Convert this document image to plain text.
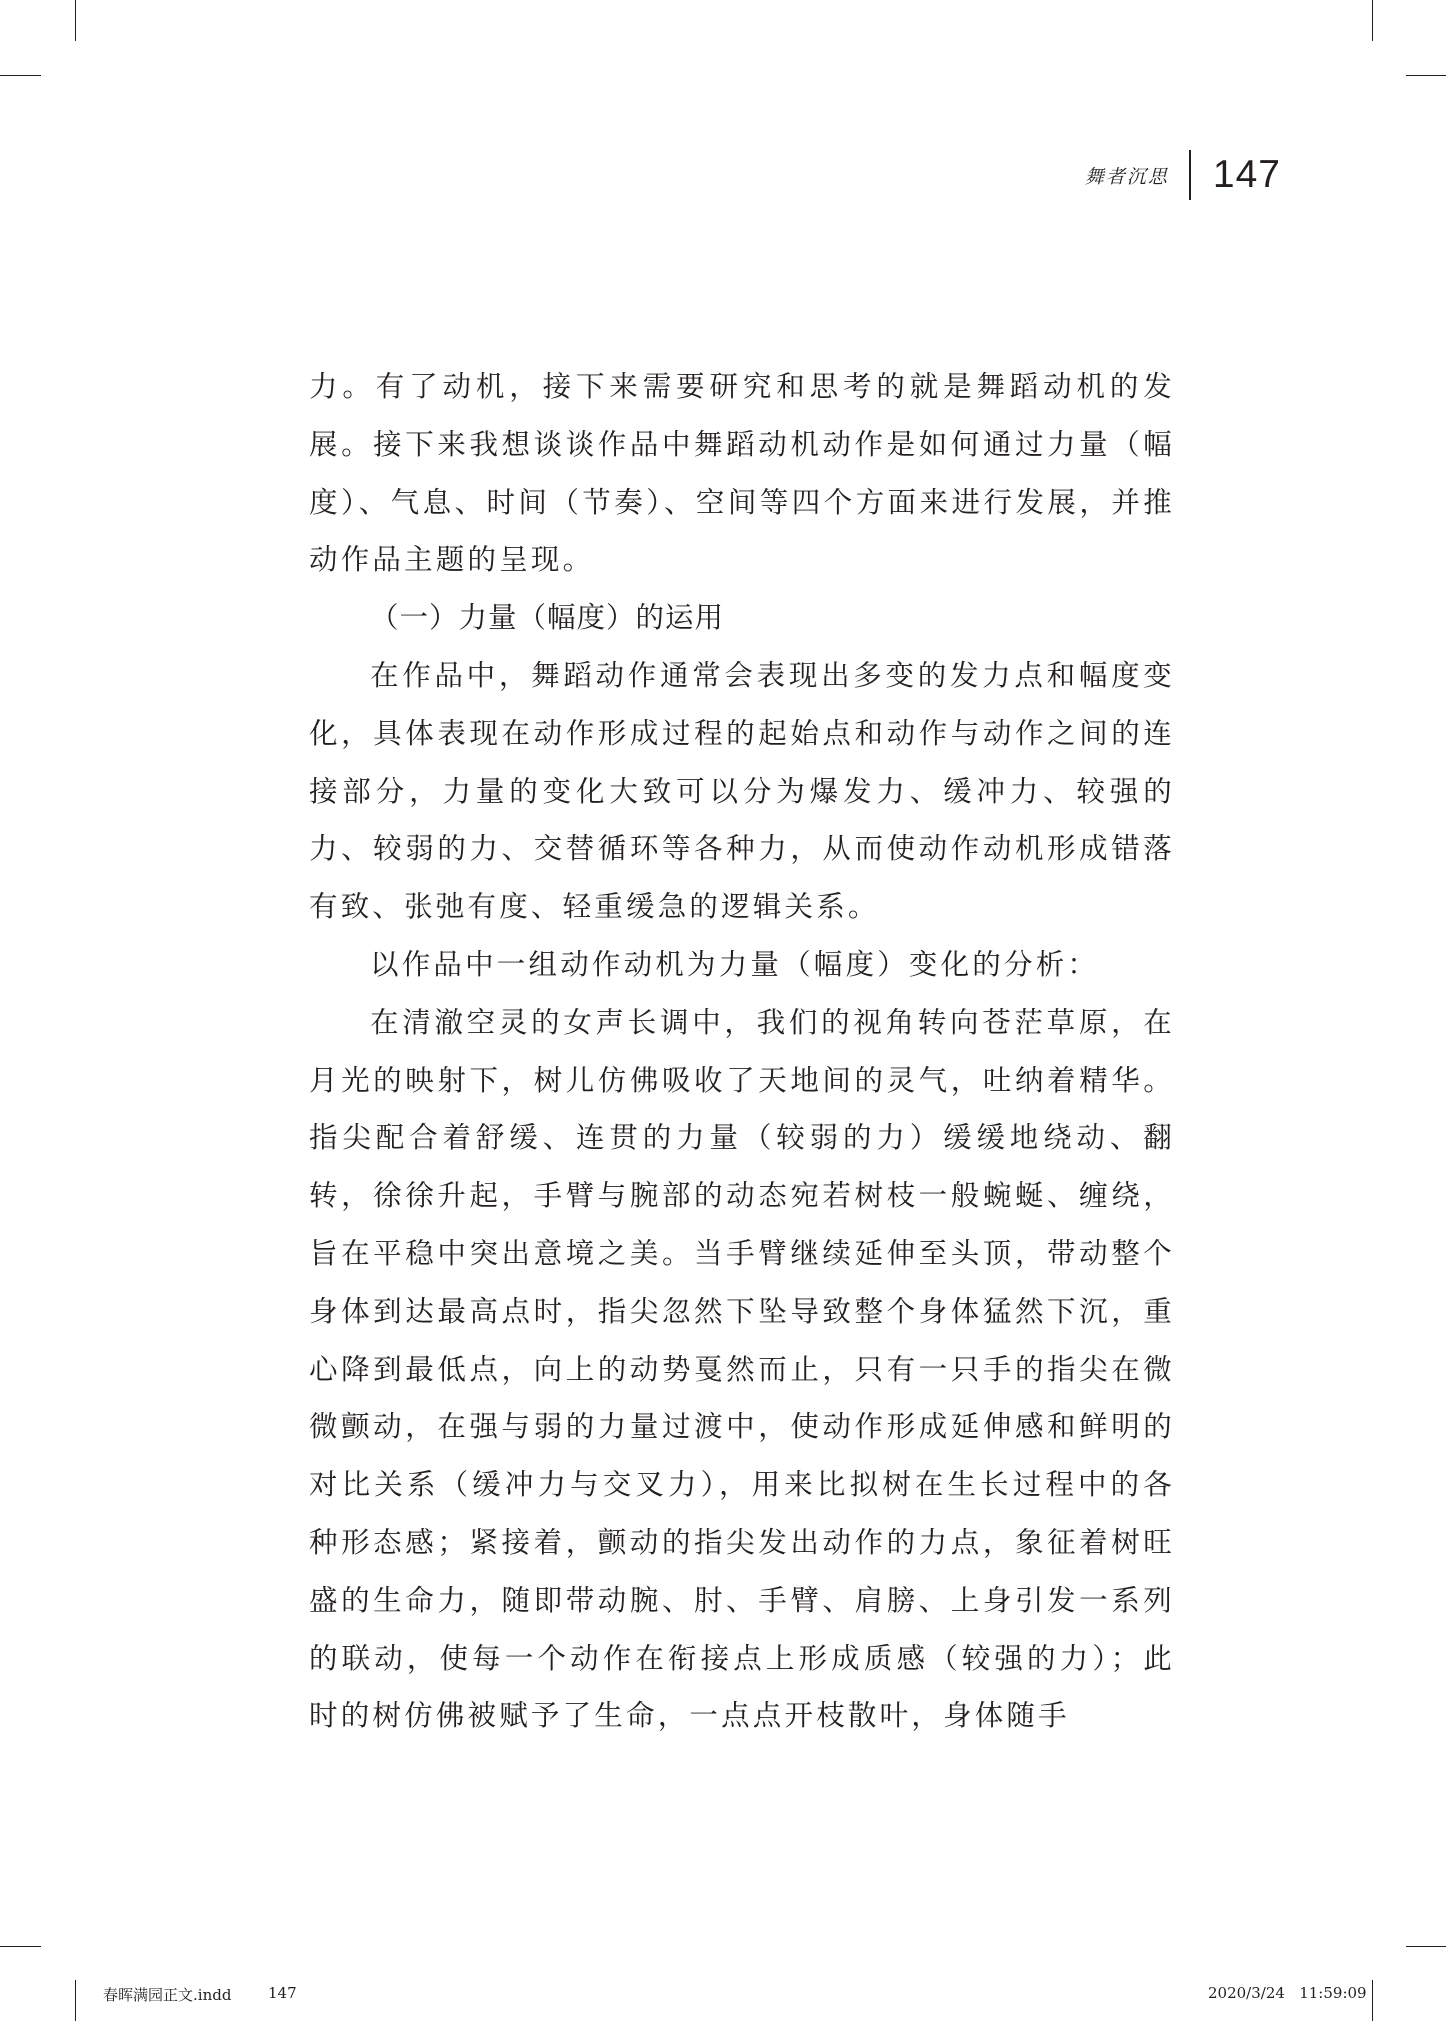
舞者沉思 147

力。有了动机，接下来需要研究和思考的就是舞蹈动机的发展。接下来我想谈谈作品中舞蹈动机动作是如何通过力量（幅度）、气息、时间（节奏）、空间等四个方面来进行发展，并推动作品主题的呈现。

（一）力量（幅度）的运用

在作品中，舞蹈动作通常会表现出多变的发力点和幅度变化，具体表现在动作形成过程的起始点和动作与动作之间的连接部分，力量的变化大致可以分为爆发力、缓冲力、较强的力、较弱的力、交替循环等各种力，从而使动作动机形成错落有致、张弛有度、轻重缓急的逻辑关系。

以作品中一组动作动机为力量（幅度）变化的分析：

在清澈空灵的女声长调中，我们的视角转向苍茫草原，在月光的映射下，树儿仿佛吸收了天地间的灵气，吐纳着精华。指尖配合着舒缓、连贯的力量（较弱的力）缓缓地绕动、翻转，徐徐升起，手臂与腕部的动态宛若树枝一般蜿蜒、缠绕，旨在平稳中突出意境之美。当手臂继续延伸至头顶，带动整个身体到达最高点时，指尖忽然下坠导致整个身体猛然下沉，重心降到最低点，向上的动势戛然而止，只有一只手的指尖在微微颤动，在强与弱的力量过渡中，使动作形成延伸感和鲜明的对比关系（缓冲力与交叉力），用来比拟树在生长过程中的各种形态感；紧接着，颤动的指尖发出动作的力点，象征着树旺盛的生命力，随即带动腕、肘、手臂、肩膀、上身引发一系列的联动，使每一个动作在衔接点上形成质感（较强的力）；此时的树仿佛被赋予了生命，一点点开枝散叶，身体随手

春晖满园正文.indd 147	2020/3/24   11:59:09
